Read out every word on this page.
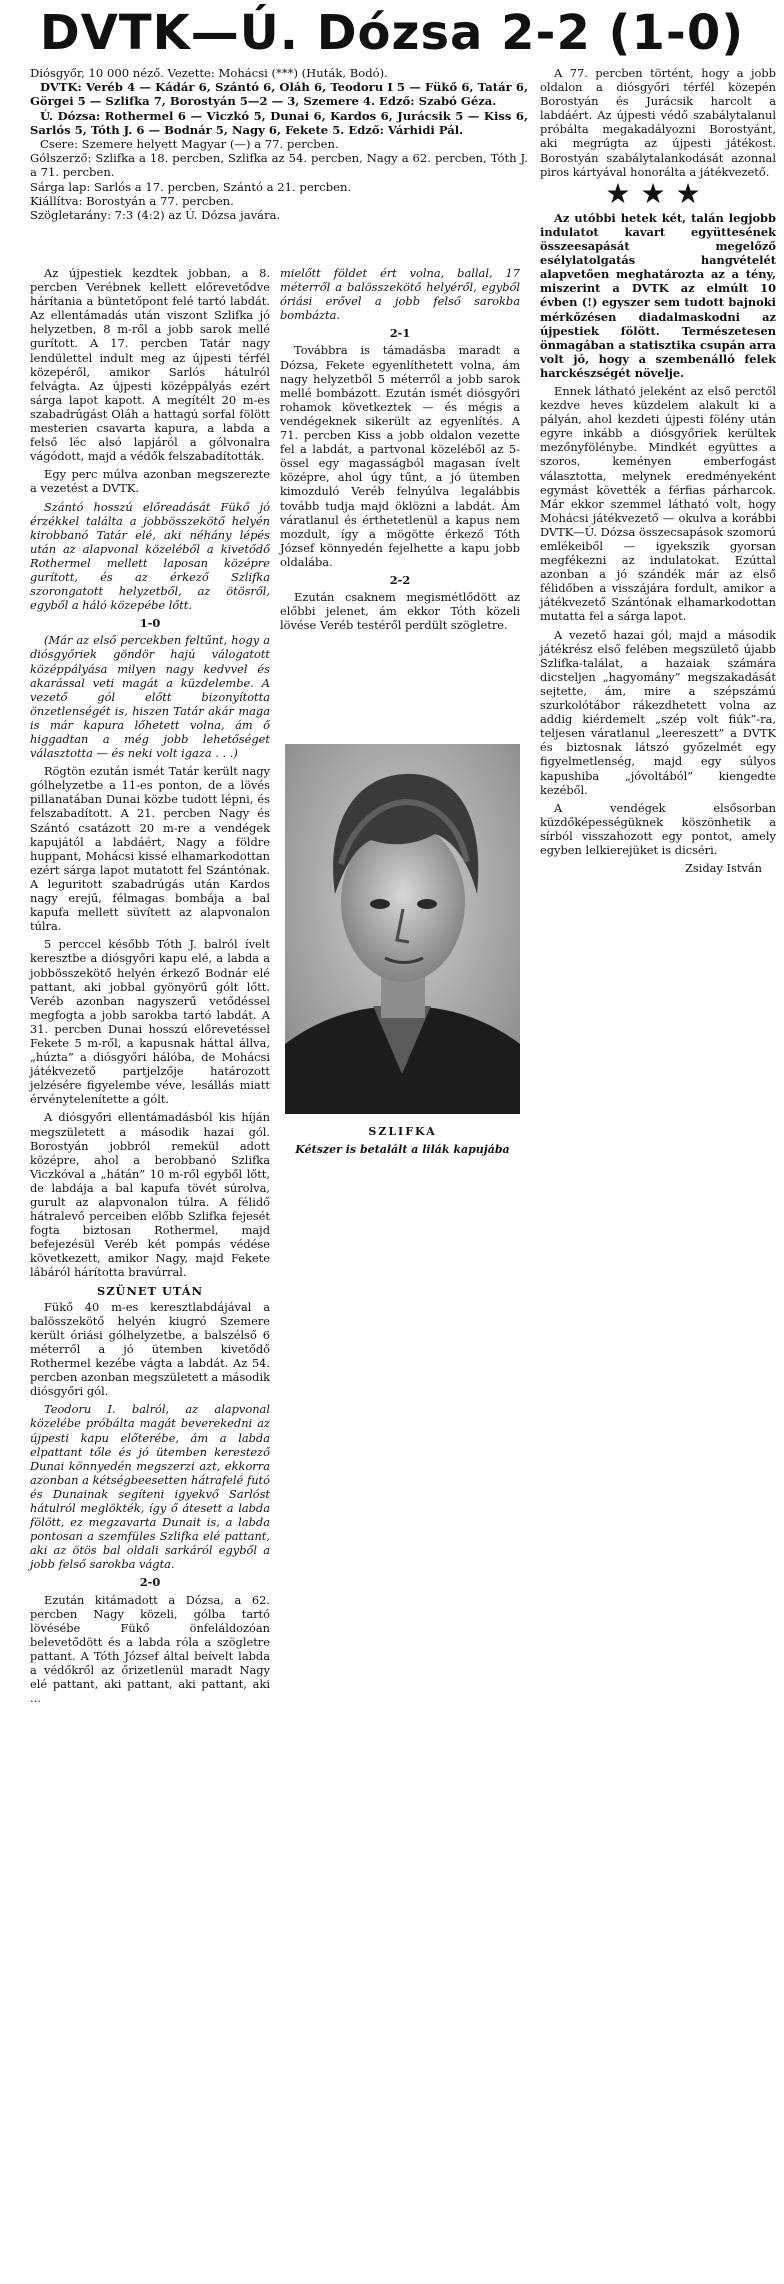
DVTK—Ú. Dózsa 2-2 (1-0)

Diósgyőr, 10 000 néző. Vezette: Mohácsi (***) (Huták, Bodó).

DVTK: Veréb 4 — Kádár 6, Szántó 6, Oláh 6, Teodoru I 5 — Fükő 6, Tatár 6, Görgei 5 — Szlifka 7, Borostyán 5—2 — 3, Szemere 4. Edző: Szabó Géza.

Ú. Dózsa: Rothermel 6 — Viczkó 5, Dunai 6, Kardos 6, Jurácsik 5 — Kiss 6, Sarlós 5, Tóth J. 6 — Bodnár 5, Nagy 6, Fekete 5. Edző: Várhidi Pál.

Csere: Szemere helyett Magyar (—) a 77. percben.

Gólszerző: Szlifka a 18. percben, Szlifka az 54. percben, Nagy a 62. percben, Tóth J. a 71. percben.

Sárga lap: Sarlós a 17. percben, Szántó a 21. percben.

Kiállítva: Borostyán a 77. percben.

Szögletarány: 7:3 (4:2) az Ú. Dózsa javára.

Az újpestiek kezdtek jobban, a 8. percben Verébnek kellett előrevetődve hárítania a büntetőpont felé tartó labdát. Az ellentámadás után viszont Szlifka jó helyzetben, 8 m-ről a jobb sarok mellé gurított. A 17. percben Tatár nagy lendülettel indult meg az újpesti térfél közepéről, amikor Sarlós hátulról felvágta. Az újpesti középpályás ezért sárga lapot kapott. A megítélt 20 m-es szabadrúgást Oláh a hattagú sorfal fölött mesterien csavarta kapura, a labda a felső léc alsó lapjáról a gólvonalra vágódott, majd a védők felszabadították.

Egy perc múlva azonban megszerezte a vezetést a DVTK.

Szántó hosszú előreadását Fükő jó érzékkel találta a jobbösszekötő helyén kirobbanó Tatár elé, aki néhány lépés után az alapvonal közeléből a kivetődő Rothermel mellett laposan középre gurított, és az érkező Szlifka szorongatott helyzetből, az ötösről, egyből a háló közepébe lőtt.

1-0

(Már az első percekben feltűnt, hogy a diósgyőriek göndör hajú válogatott középpályása milyen nagy kedvvel és akarással veti magát a küzdelembe. A vezető gól előtt bizonyította önzetlenségét is, hiszen Tatár akár maga is már kapura lőhetett volna, ám ő higgadtan a még jobb lehetőséget választotta — és neki volt igaza . . .)

Rögtön ezután ismét Tatár került nagy gólhelyzetbe a 11-es ponton, de a lövés pillanatában Dunai közbe tudott lépni, és felszabadított. A 21. percben Nagy és Szántó csatázott 20 m-re a vendégek kapujától a labdáért, Nagy a földre huppant, Mohácsi kissé elhamarkodottan ezért sárga lapot mutatott fel Szántónak. A leguritott szabadrúgás után Kardos nagy erejű, félmagas bombája a bal kapufa mellett süvített az alapvonalon túlra.

5 perccel később Tóth J. balról ívelt keresztbe a diósgyőri kapu elé, a labda a jobbösszekötő helyén érkező Bodnár elé pattant, aki jobbal gyönyörű gólt lőtt. Veréb azonban nagyszerű vetődéssel megfogta a jobb sarokba tartó labdát. A 31. percben Dunai hosszú előrevetéssel Fekete 5 m-ről, a kapusnak háttal állva, „húzta” a diósgyőri hálóba, de Mohácsi játékvezető partjelzője határozott jelzésére figyelembe véve, lesállás miatt érvénytelenítette a gólt.

A diósgyőri ellentámadásból kis híján megszületett a második hazai gól. Borostyán jobbról remekül adott középre, ahol a berobbanó Szlifka Viczkóval a „hátán” 10 m-ről egyből lőtt, de labdája a bal kapufa tövét súrolva, gurult az alapvonalon túlra. A félidő hátralevő perceiben előbb Szlifka fejesét fogta biztosan Rothermel, majd befejezésül Veréb két pompás védése következett, amikor Nagy, majd Fekete lábáról hárította bravúrral.

SZÜNET UTÁN

Fükő 40 m-es keresztlabdájával a balösszekötő helyén kiugró Szemere került óriási gólhelyzetbe, a balszélső 6 méterről a jó ütemben kivetődő Rothermel kezébe vágta a labdát. Az 54. percben azonban megszületett a második diósgyőri gól.

Teodoru I. balról, az alapvonal közelébe próbálta magát beverekedni az újpesti kapu előterébe, ám a labda elpattant tőle és jó ütemben kerestező Dunai könnyedén megszerzi azt, ekkorra azonban a kétségbeesetten hátrafelé futó és Dunainak segíteni igyekvő Sarlóst hátulról meglökték, így ő átesett a labda fölött, ez megzavarta Dunait is, a labda pontosan a szemfüles Szlifka elé pattant, aki az ötös bal oldali sarkáról egyből a jobb felső sarokba vágta.

2-0

Ezután kitámadott a Dózsa, a 62. percben Nagy közeli, gólba tartó lövésébe Fükő önfeláldozóan belevetődött és a labda róla a szögletre pattant. A Tóth József által beívelt labda a védőkről az őrizetlenül maradt Nagy elé pattant, aki pattant, aki pattant, aki ...

mielőtt földet ért volna, ballal, 17 méterről a balösszekötő helyéről, egyből óriási erővel a jobb felső sarokba bombázta.

2-1

Továbbra is támadásba maradt a Dózsa, Fekete egyenlíthetett volna, ám nagy helyzetből 5 méterről a jobb sarok mellé bombázott. Ezután ismét diósgyőri rohamok következtek — és mégis a vendégeknek sikerült az egyenlítés. A 71. percben Kiss a jobb oldalon vezette fel a labdát, a partvonal közeléből az 5-össel egy magasságból magasan ívelt középre, ahol úgy tűnt, a jó ütemben kimozduló Veréb felnyúlva legalábbis tovább tudja majd öklözni a labdát. Ám váratlanul és érthetetlenül a kapus nem mozdult, így a mögötte érkező Tóth József könnyedén fejelhette a kapu jobb oldalába.

2-2

Ezután csaknem megismétlődött az előbbi jelenet, ám ekkor Tóth közeli lövése Veréb testéről perdült szögletre.

SZLIFKA
Kétszer is betalált a lilák kapujába

A 77. percben történt, hogy a jobb oldalon a diósgyőri térfél közepén Borostyán és Jurácsik harcolt a labdáért. Az újpesti védő szabálytalanul próbálta megakadályozni Borostyánt, aki megrúgta az újpesti játékost. Borostyán szabálytalankodását azonnal piros kártyával honorálta a játékvezető.

★★★

Az utóbbi hetek két, talán legjobb indulatot kavart együttesének összeesapását megelőző esélylatolgatás hangvételét alapvetően meghatározta az a tény, miszerint a DVTK az elmúlt 10 évben (!) egyszer sem tudott bajnoki mérkőzésen diadalmaskodni az újpestiek fölött. Természetesen önmagában a statisztika csupán arra volt jó, hogy a szembenálló felek harckészségét növelje.

Ennek látható jeleként az első perctől kezdve heves küzdelem alakult ki a pályán, ahol kezdeti újpesti fölény után egyre inkább a diósgyőriek kerültek mezőnyfölénybe. Mindkét együttes a szoros, keményen emberfogást választotta, melynek eredményeként egymást követték a férfias párharcok. Már ekkor szemmel látható volt, hogy Mohácsi játékvezető — okulva a korábbi DVTK—Ú. Dózsa összecsapások szomorú emlékeiből — igyekszik gyorsan megfékezni az indulatokat. Ezúttal azonban a jó szándék már az első félidőben a visszájára fordult, amikor a játékvezető Szántónak elhamarkodottan mutatta fel a sárga lapot.

A vezető hazai gól, majd a második játékrész első felében megszülető újabb Szlifka-találat, a hazaiak számára dicsteljen „hagyomány” megszakadását sejtette, ám, mire a szépszámú szurkolótábor rákezdhetett volna az addig kiérdemelt „szép volt fiúk”-ra, teljesen váratlanul „leereszett” a DVTK és biztosnak látszó győzelmét egy figyelmetlenség, majd egy súlyos kapushiba „jóvoltából” kiengedte kezéből.

A vendégek elsősorban küzdőképességüknek köszönhetik a sírból visszahozott egy pontot, amely egyben lelkierejüket is dicséri.

Zsiday István
